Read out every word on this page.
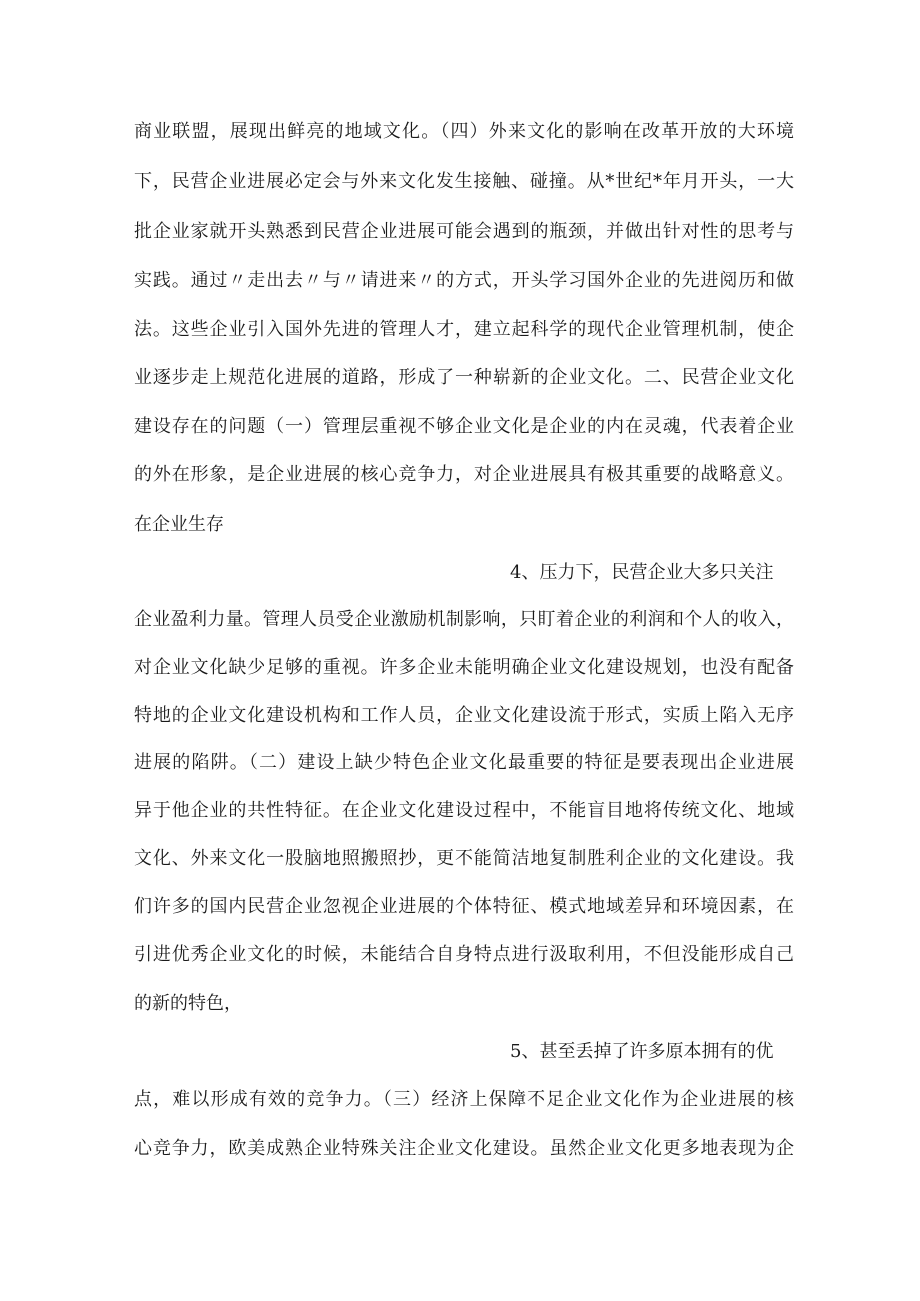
商业联盟，展现出鲜亮的地域文化。（四）外来文化的影响在改革开放的大环境
下，民营企业进展必定会与外来文化发生接触、碰撞。从*世纪*年月开头，一大
批企业家就开头熟悉到民营企业进展可能会遇到的瓶颈，并做出针对性的思考与
实践。通过〃走出去〃与〃请进来〃的方式，开头学习国外企业的先进阅历和做
法。这些企业引入国外先进的管理人才，建立起科学的现代企业管理机制，使企
业逐步走上规范化进展的道路，形成了一种崭新的企业文化。二、民营企业文化
建设存在的问题（一）管理层重视不够企业文化是企业的内在灵魂，代表着企业
的外在形象，是企业进展的核心竞争力，对企业进展具有极其重要的战略意义。
在企业生存
4、压力下，民营企业大多只关注
企业盈利力量。管理人员受企业激励机制影响，只盯着企业的利润和个人的收入，
对企业文化缺少足够的重视。许多企业未能明确企业文化建设规划，也没有配备
特地的企业文化建设机构和工作人员，企业文化建设流于形式，实质上陷入无序
进展的陷阱。（二）建设上缺少特色企业文化最重要的特征是要表现出企业进展
异于他企业的共性特征。在企业文化建设过程中，不能盲目地将传统文化、地域
文化、外来文化一股脑地照搬照抄，更不能简洁地复制胜利企业的文化建设。我
们许多的国内民营企业忽视企业进展的个体特征、模式地域差异和环境因素，在
引进优秀企业文化的时候，未能结合自身特点进行汲取利用，不但没能形成自己
的新的特色，
5、甚至丢掉了许多原本拥有的优
点，难以形成有效的竞争力。（三）经济上保障不足企业文化作为企业进展的核
心竞争力，欧美成熟企业特殊关注企业文化建设。虽然企业文化更多地表现为企
